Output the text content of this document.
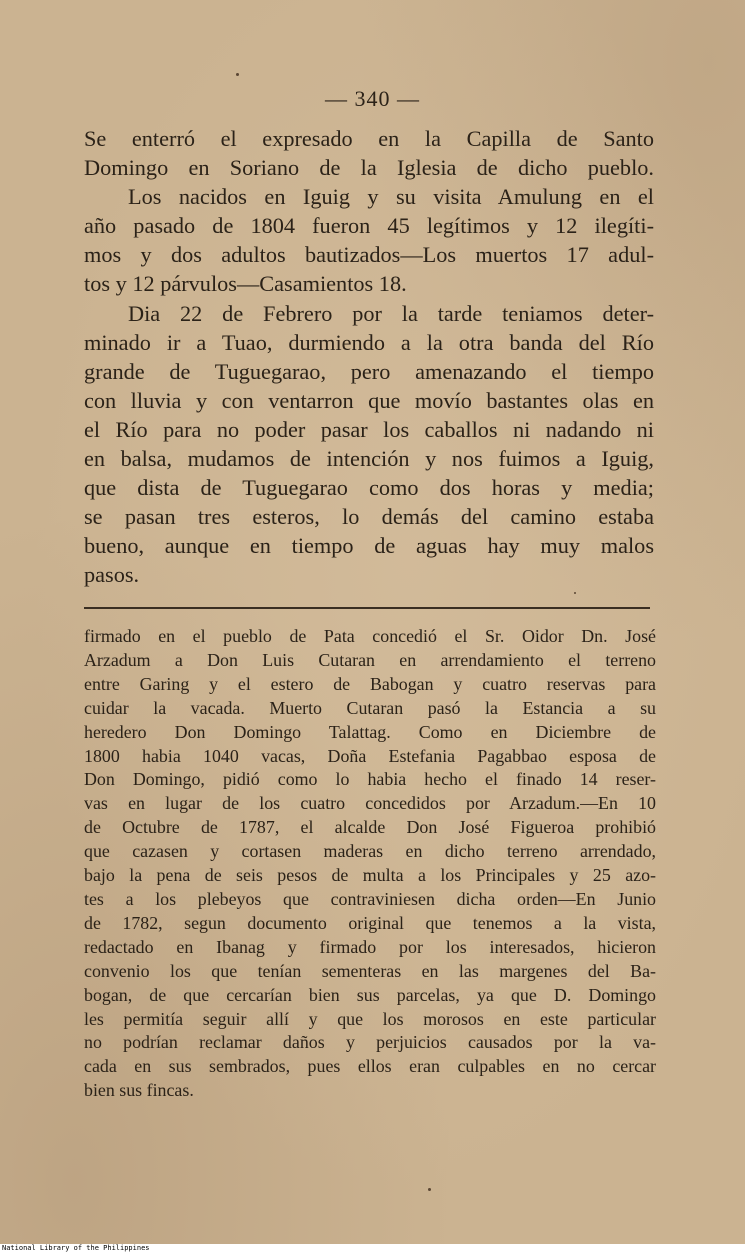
— 340 —
Se enterró el expresado en la Capilla de Santo
Domingo en Soriano de la Iglesia de dicho pueblo.
Los nacidos en Iguig y su visita Amulung en el
año pasado de 1804 fueron 45 legítimos y 12 ilegíti-
mos y dos adultos bautizados—Los muertos 17 adul-
tos y 12 párvulos—Casamientos 18.
Dia 22 de Febrero por la tarde teniamos deter-
minado ir a Tuao, durmiendo a la otra banda del Río
grande de Tuguegarao, pero amenazando el tiempo
con lluvia y con ventarron que movío bastantes olas en
el Río para no poder pasar los caballos ni nadando ni
en balsa, mudamos de intención y nos fuimos a Iguig,
que dista de Tuguegarao como dos horas y media;
se pasan tres esteros, lo demás del camino estaba
bueno, aunque en tiempo de aguas hay muy malos
pasos.
firmado en el pueblo de Pata concedió el Sr. Oidor Dn. José
Arzadum a Don Luis Cutaran en arrendamiento el terreno
entre Garing y el estero de Babogan y cuatro reservas para
cuidar la vacada. Muerto Cutaran pasó la Estancia a su
heredero Don Domingo Talattag. Como en Diciembre de
1800 habia 1040 vacas, Doña Estefania Pagabbao esposa de
Don Domingo, pidió como lo habia hecho el finado 14 reser-
vas en lugar de los cuatro concedidos por Arzadum.—En 10
de Octubre de 1787, el alcalde Don José Figueroa prohibió
que cazasen y cortasen maderas en dicho terreno arrendado,
bajo la pena de seis pesos de multa a los Principales y 25 azo-
tes a los plebeyos que contraviniesen dicha orden—En Junio
de 1782, segun documento original que tenemos a la vista,
redactado en Ibanag y firmado por los interesados, hicieron
convenio los que tenían sementeras en las margenes del Ba-
bogan, de que cercarían bien sus parcelas, ya que D. Domingo
les permitía seguir allí y que los morosos en este particular
no podrían reclamar daños y perjuicios causados por la va-
cada en sus sembrados, pues ellos eran culpables en no cercar
bien sus fincas.
National Library of the Philippines
